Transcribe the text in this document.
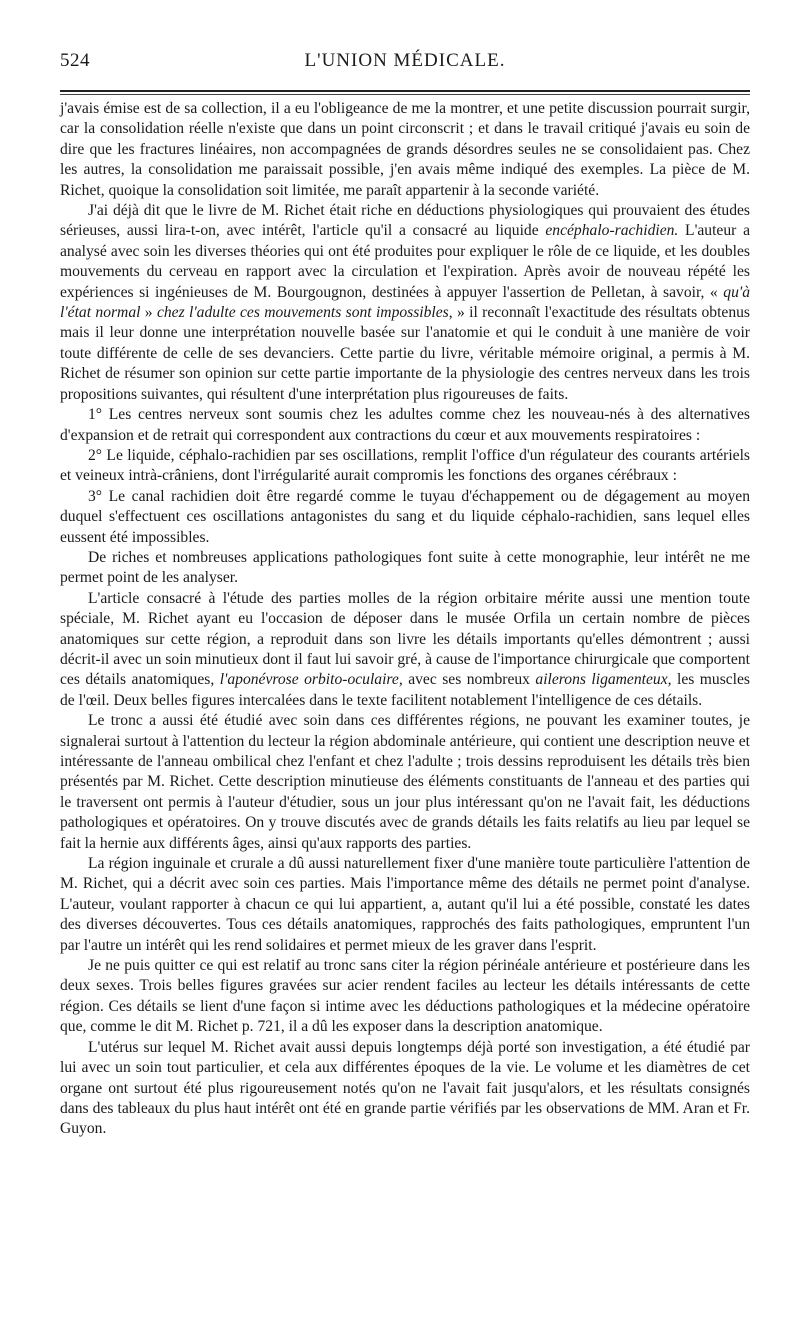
524	L'UNION MÉDICALE.

j'avais émise est de sa collection, il a eu l'obligeance de me la montrer, et une petite discussion pourrait surgir, car la consolidation réelle n'existe que dans un point circonscrit ; et dans le travail critiqué j'avais eu soin de dire que les fractures linéaires, non accompagnées de grands désordres seules ne se consolidaient pas. Chez les autres, la consolidation me paraissait possible, j'en avais même indiqué des exemples. La pièce de M. Richet, quoique la consolidation soit limitée, me paraît appartenir à la seconde variété.

J'ai déjà dit que le livre de M. Richet était riche en déductions physiologiques qui prouvaient des études sérieuses, aussi lira-t-on, avec intérêt, l'article qu'il a consacré au liquide encéphalo-rachidien. L'auteur a analysé avec soin les diverses théories qui ont été produites pour expliquer le rôle de ce liquide, et les doubles mouvements du cerveau en rapport avec la circulation et l'expiration. Après avoir de nouveau répété les expériences si ingénieuses de M. Bourgougnon, destinées à appuyer l'assertion de Pelletan, à savoir, « qu'à l'état normal » chez l'adulte ces mouvements sont impossibles, » il reconnaît l'exactitude des résultats obtenus mais il leur donne une interprétation nouvelle basée sur l'anatomie et qui le conduit à une manière de voir toute différente de celle de ses devanciers. Cette partie du livre, véritable mémoire original, a permis à M. Richet de résumer son opinion sur cette partie importante de la physiologie des centres nerveux dans les trois propositions suivantes, qui résultent d'une interprétation plus rigoureuses de faits.

1° Les centres nerveux sont soumis chez les adultes comme chez les nouveau-nés à des alternatives d'expansion et de retrait qui correspondent aux contractions du cœur et aux mouvements respiratoires :

2° Le liquide, céphalo-rachidien par ses oscillations, remplit l'office d'un régulateur des courants artériels et veineux intrà-crâniens, dont l'irrégularité aurait compromis les fonctions des organes cérébraux :

3° Le canal rachidien doit être regardé comme le tuyau d'échappement ou de dégagement au moyen duquel s'effectuent ces oscillations antagonistes du sang et du liquide céphalo-rachidien, sans lequel elles eussent été impossibles.

De riches et nombreuses applications pathologiques font suite à cette monographie, leur intérêt ne me permet point de les analyser.

L'article consacré à l'étude des parties molles de la région orbitaire mérite aussi une mention toute spéciale, M. Richet ayant eu l'occasion de déposer dans le musée Orfila un certain nombre de pièces anatomiques sur cette région, a reproduit dans son livre les détails importants qu'elles démontrent ; aussi décrit-il avec un soin minutieux dont il faut lui savoir gré, à cause de l'importance chirurgicale que comportent ces détails anatomiques, l'aponévrose orbito-oculaire, avec ses nombreux ailerons ligamenteux, les muscles de l'œil. Deux belles figures intercalées dans le texte facilitent notablement l'intelligence de ces détails.

Le tronc a aussi été étudié avec soin dans ces différentes régions, ne pouvant les examiner toutes, je signalerai surtout à l'attention du lecteur la région abdominale antérieure, qui contient une description neuve et intéressante de l'anneau ombilical chez l'enfant et chez l'adulte ; trois dessins reproduisent les détails très bien présentés par M. Richet. Cette description minutieuse des éléments constituants de l'anneau et des parties qui le traversent ont permis à l'auteur d'étudier, sous un jour plus intéressant qu'on ne l'avait fait, les déductions pathologiques et opératoires. On y trouve discutés avec de grands détails les faits relatifs au lieu par lequel se fait la hernie aux différents âges, ainsi qu'aux rapports des parties.

La région inguinale et crurale a dû aussi naturellement fixer d'une manière toute particulière l'attention de M. Richet, qui a décrit avec soin ces parties. Mais l'importance même des détails ne permet point d'analyse. L'auteur, voulant rapporter à chacun ce qui lui appartient, a, autant qu'il lui a été possible, constaté les dates des diverses découvertes. Tous ces détails anatomiques, rapprochés des faits pathologiques, empruntent l'un par l'autre un intérêt qui les rend solidaires et permet mieux de les graver dans l'esprit.

Je ne puis quitter ce qui est relatif au tronc sans citer la région périnéale antérieure et postérieure dans les deux sexes. Trois belles figures gravées sur acier rendent faciles au lecteur les détails intéressants de cette région. Ces détails se lient d'une façon si intime avec les déductions pathologiques et la médecine opératoire que, comme le dit M. Richet p. 721, il a dû les exposer dans la description anatomique.

L'utérus sur lequel M. Richet avait aussi depuis longtemps déjà porté son investigation, a été étudié par lui avec un soin tout particulier, et cela aux différentes époques de la vie. Le volume et les diamètres de cet organe ont surtout été plus rigoureusement notés qu'on ne l'avait fait jusqu'alors, et les résultats consignés dans des tableaux du plus haut intérêt ont été en grande partie vérifiés par les observations de MM. Aran et Fr. Guyon.
